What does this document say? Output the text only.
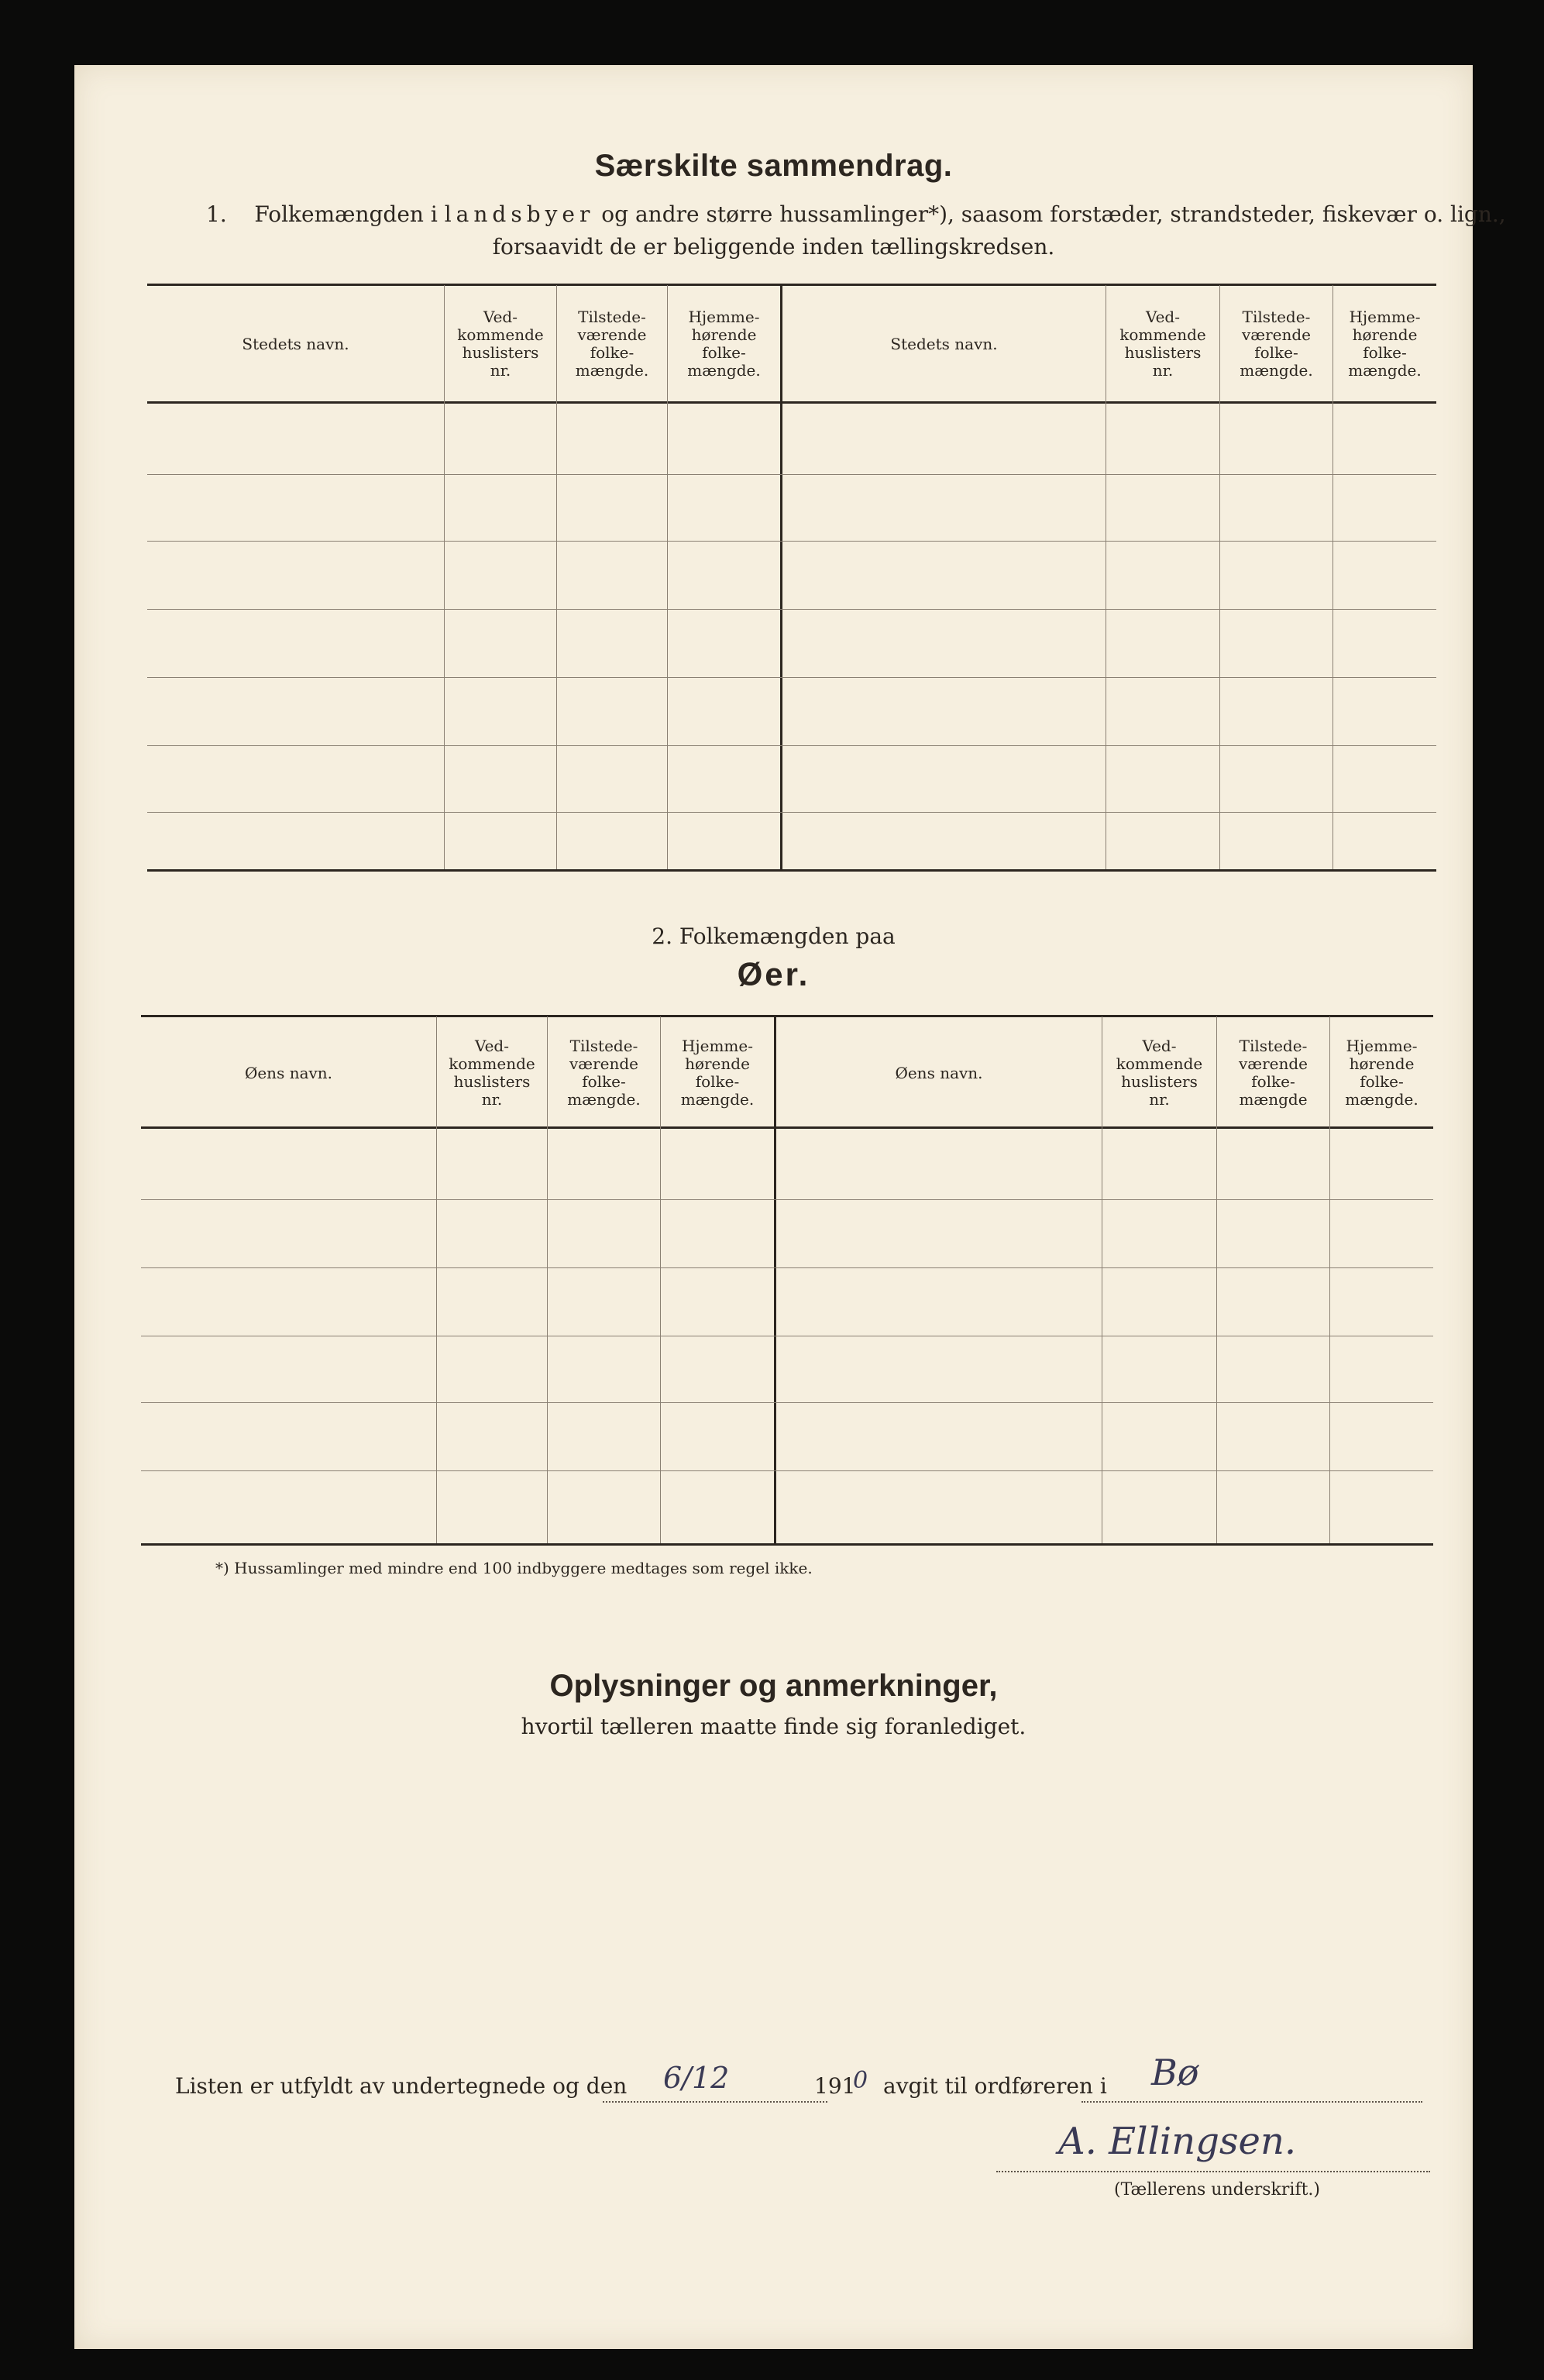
Særskilte sammendrag.
1. Folkemængden i landsbyer og andre større hussamlinger*), saasom forstæder, strandsteder, fiskevær o. lign.,
forsaavidt de er beliggende inden tællingskredsen.
Stedets navn.
Ved-
kommende
huslisters
nr.
Tilstede-
værende
folke-
mængde.
Hjemme-
hørende
folke-
mængde.
Stedets navn.
Ved-
kommende
huslisters
nr.
Tilstede-
værende
folke-
mængde.
Hjemme-
hørende
folke-
mængde.
2. Folkemængden paa
Øer.
Øens navn.
Ved-
kommende
huslisters
nr.
Tilstede-
værende
folke-
mængde.
Hjemme-
hørende
folke-
mængde.
Øens navn.
Ved-
kommende
huslisters
nr.
Tilstede-
værende
folke-
mængde
Hjemme-
hørende
folke-
mængde.
*) Hussamlinger med mindre end 100 indbyggere medtages som regel ikke.
Oplysninger og anmerkninger,
hvortil tælleren maatte finde sig foranlediget.
Listen er utfyldt av undertegnede og den 6/12	191
0 avgit til ordføreren i Bø
A. Ellingsen.
(Tællerens underskrift.)
